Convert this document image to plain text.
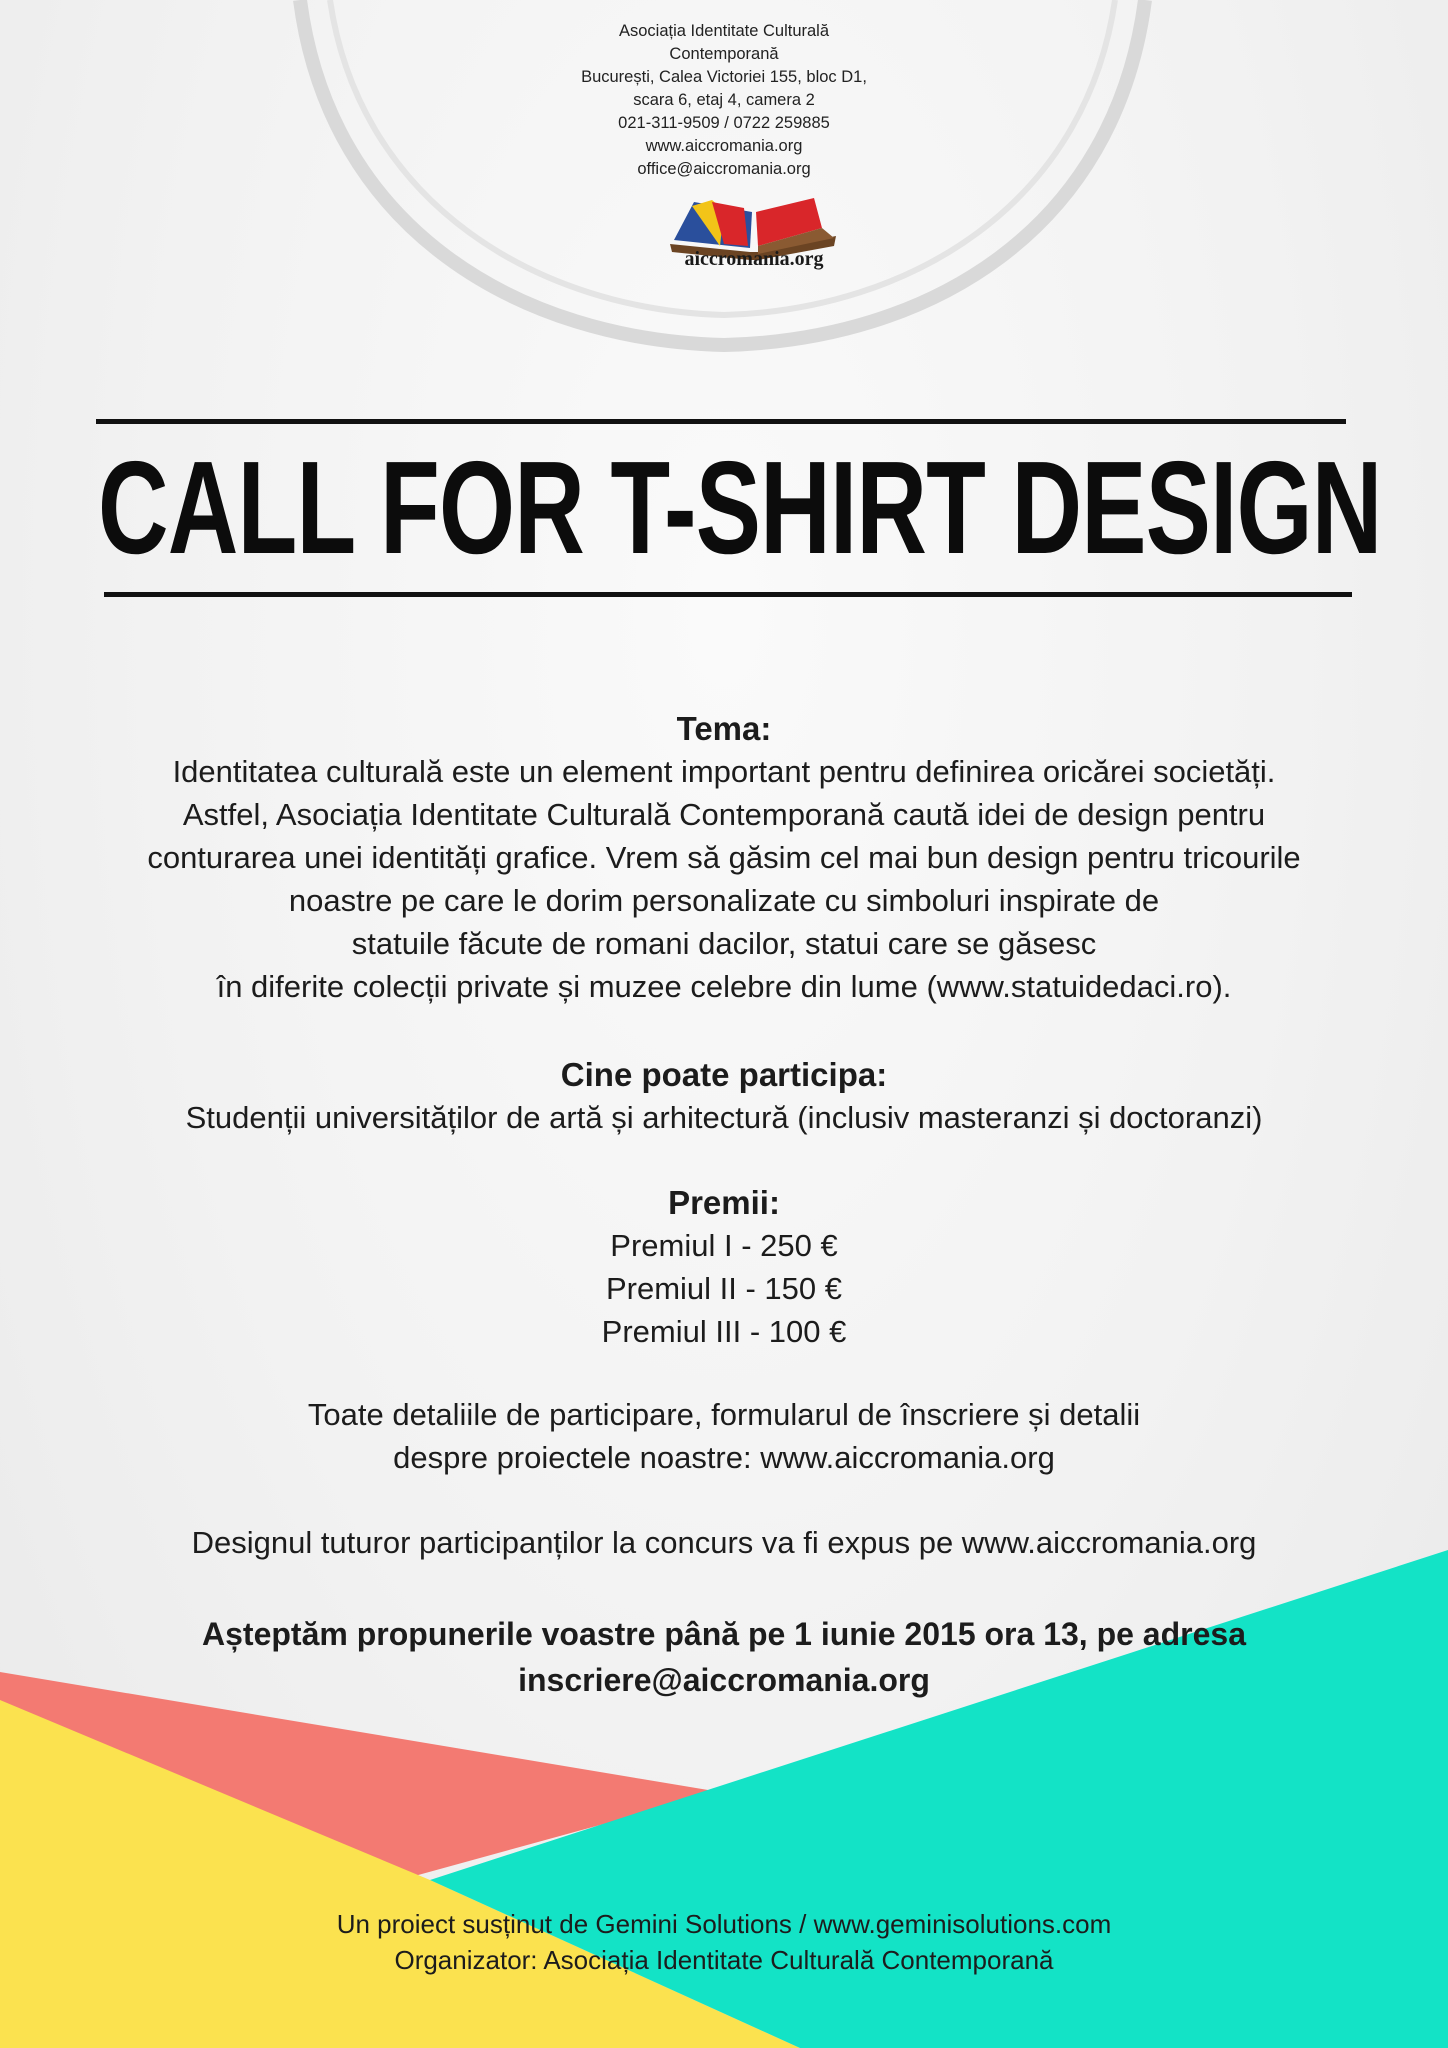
Asociația Identitate Culturală
Contemporană
București, Calea Victoriei 155, bloc D1,
scara 6, etaj 4, camera 2
021-311-9509 / 0722 259885
www.aiccromania.org
office@aiccromania.org
aiccromania.org
CALL FOR T-SHIRT DESIGN
Tema:
Identitatea culturală este un element important pentru definirea oricărei societăți.
Astfel, Asociația Identitate Culturală Contemporană caută idei de design pentru
conturarea unei identități grafice. Vrem să găsim cel mai bun design pentru tricourile
noastre pe care le dorim personalizate cu simboluri inspirate de
statuile făcute de romani dacilor, statui care se găsesc
în diferite colecții private și muzee celebre din lume (www.statuidedaci.ro).
Cine poate participa:
Studenții universităților de artă și arhitectură (inclusiv masteranzi și doctoranzi)
Premii:
Premiul I - 250 €
Premiul II - 150 €
Premiul III - 100 €
Toate detaliile de participare, formularul de înscriere și detalii
despre proiectele noastre: www.aiccromania.org
Designul tuturor participanților la concurs va fi expus pe www.aiccromania.org
Așteptăm propunerile voastre până pe 1 iunie 2015 ora 13, pe adresa
inscriere@aiccromania.org
Un proiect susținut de Gemini Solutions / www.geminisolutions.com
Organizator: Asociația Identitate Culturală Contemporană
